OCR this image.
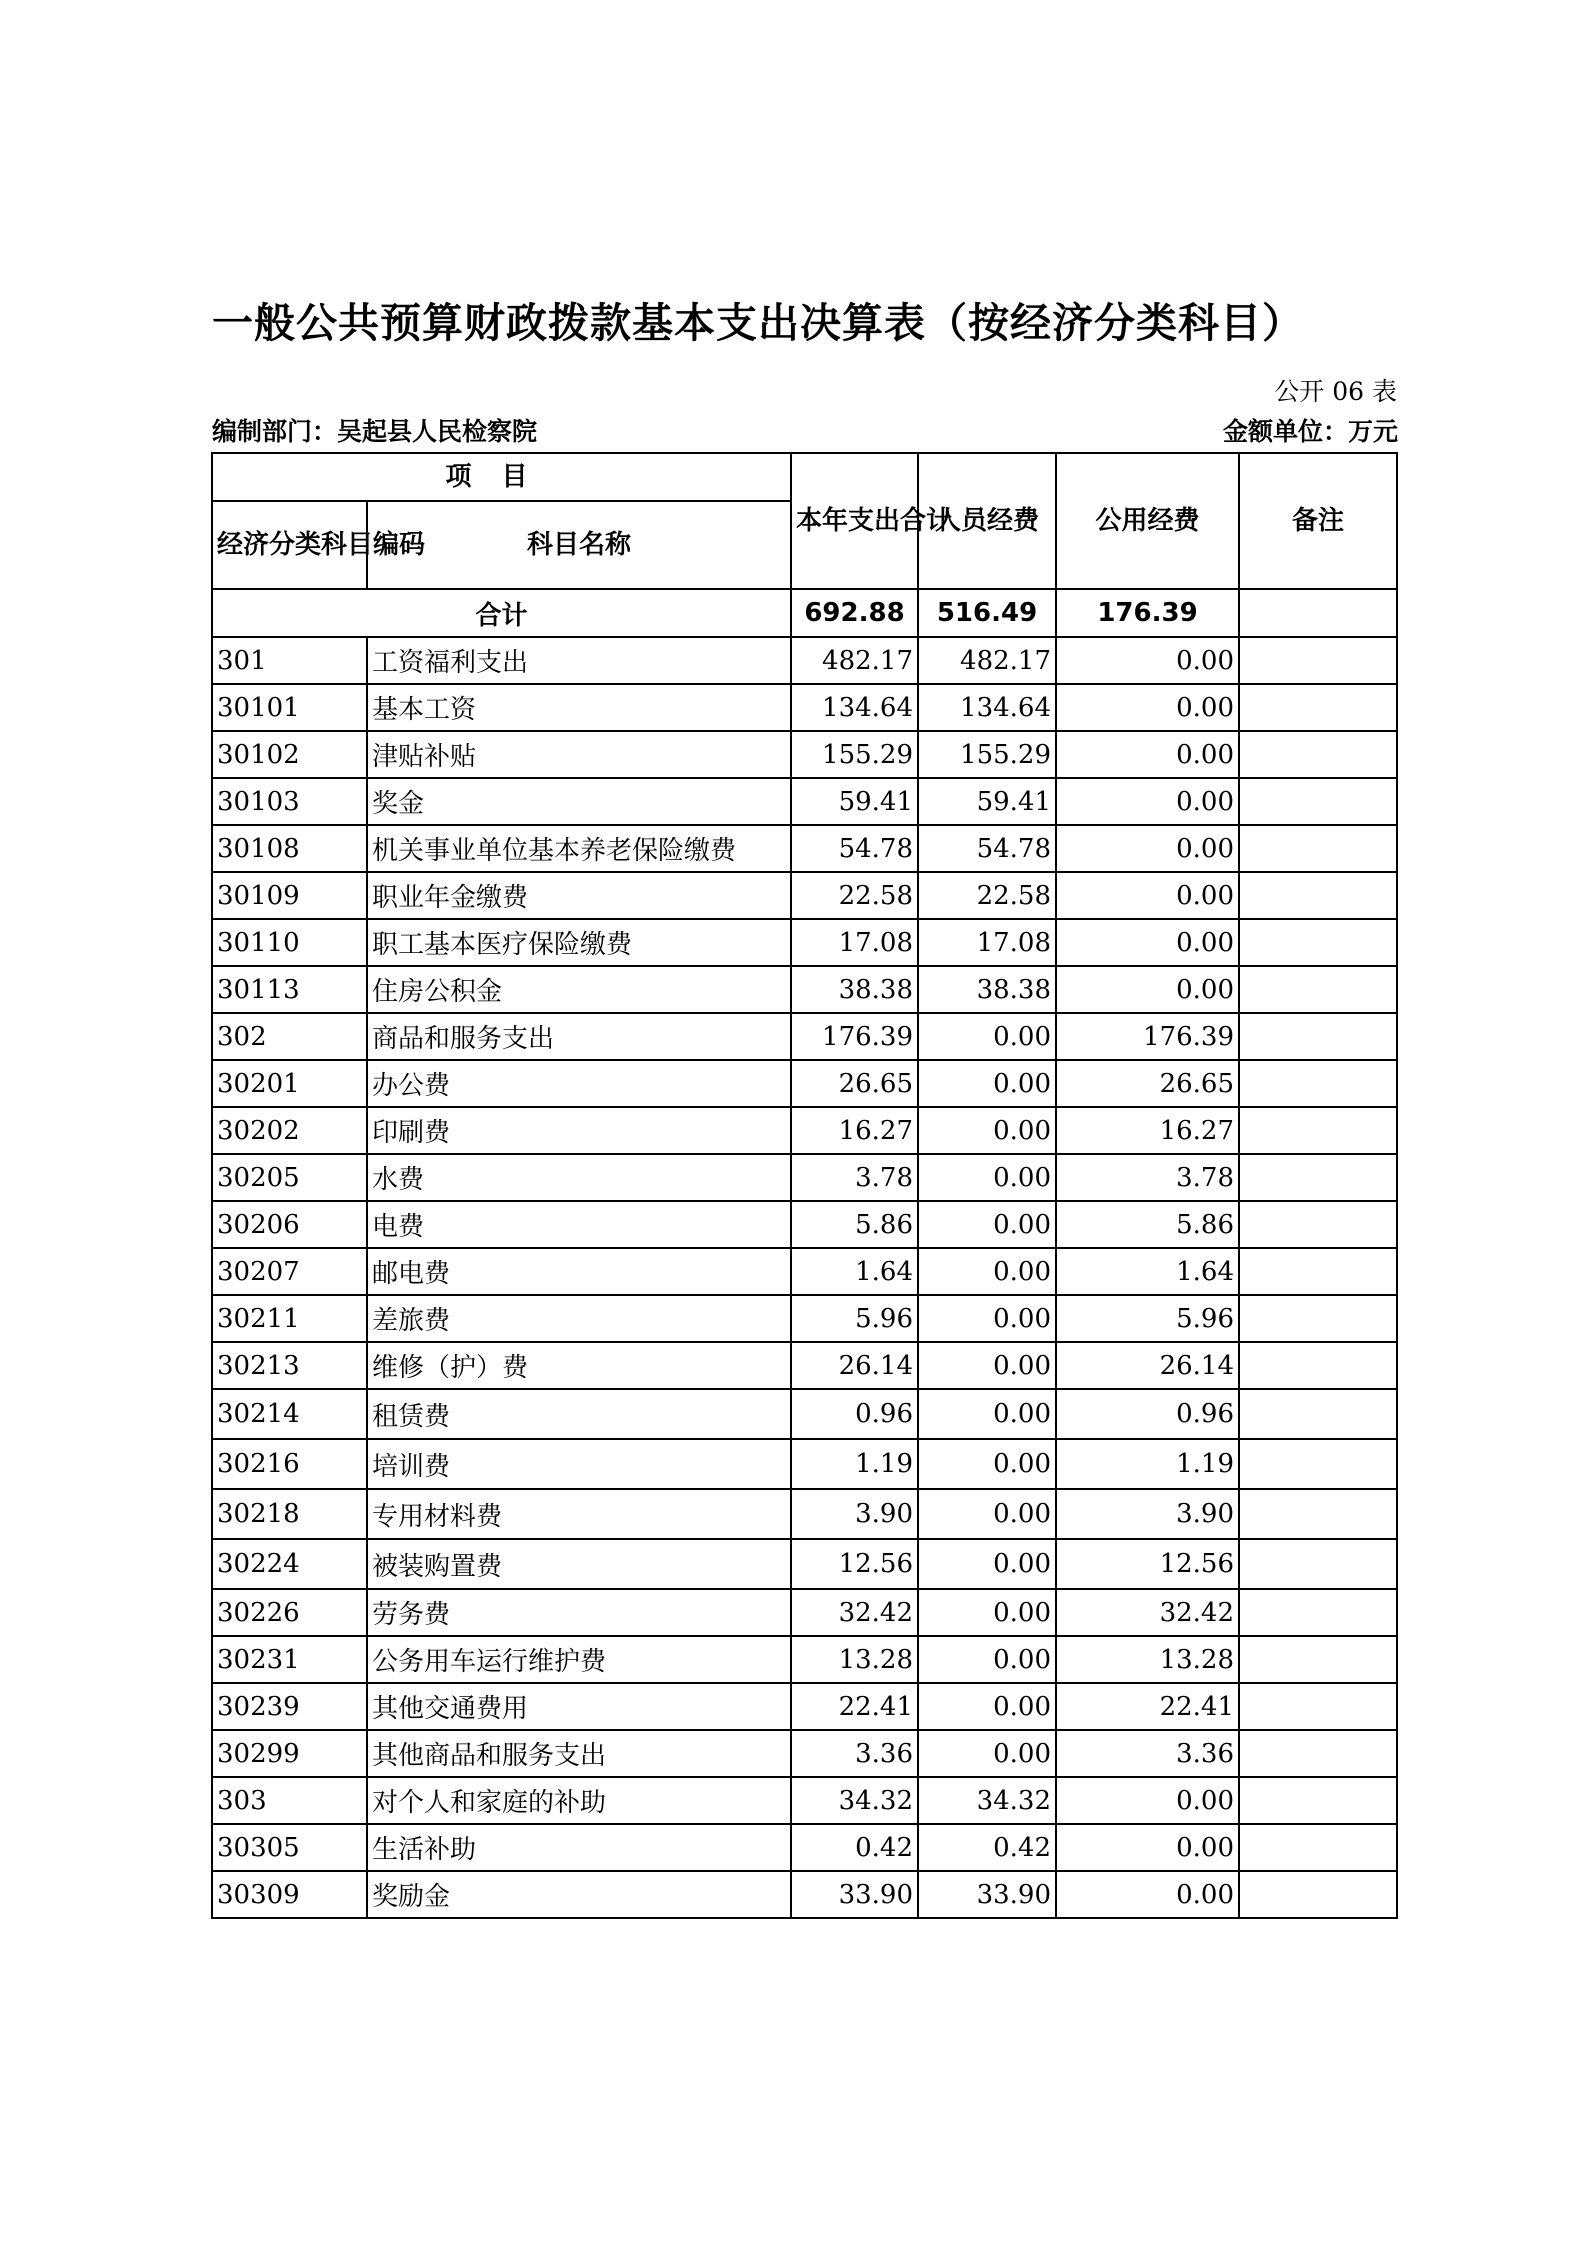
一般公共预算财政拨款基本支出决算表（按经济分类科目）
公开 06 表
编制部门：吴起县人民检察院	金额单位：万元
项目		本年支出合计	人员经费	公用经费	备注
经济分类科目编码	科目名称				
合计		692.88	516.49	176.39	
301	工资福利支出	482.17	482.17	0.00	
30101	基本工资	134.64	134.64	0.00	
30102	津贴补贴	155.29	155.29	0.00	
30103	奖金	59.41	59.41	0.00	
30108	机关事业单位基本养老保险缴费	54.78	54.78	0.00	
30109	职业年金缴费	22.58	22.58	0.00	
30110	职工基本医疗保险缴费	17.08	17.08	0.00	
30113	住房公积金	38.38	38.38	0.00	
302	商品和服务支出	176.39	0.00	176.39	
30201	办公费	26.65	0.00	26.65	
30202	印刷费	16.27	0.00	16.27	
30205	水费	3.78	0.00	3.78	
30206	电费	5.86	0.00	5.86	
30207	邮电费	1.64	0.00	1.64	
30211	差旅费	5.96	0.00	5.96	
30213	维修（护）费	26.14	0.00	26.14	
30214	租赁费	0.96	0.00	0.96	
30216	培训费	1.19	0.00	1.19	
30218	专用材料费	3.90	0.00	3.90	
30224	被装购置费	12.56	0.00	12.56	
30226	劳务费	32.42	0.00	32.42	
30231	公务用车运行维护费	13.28	0.00	13.28	
30239	其他交通费用	22.41	0.00	22.41	
30299	其他商品和服务支出	3.36	0.00	3.36	
303	对个人和家庭的补助	34.32	34.32	0.00	
30305	生活补助	0.42	0.42	0.00	
30309	奖励金	33.90	33.90	0.00	
